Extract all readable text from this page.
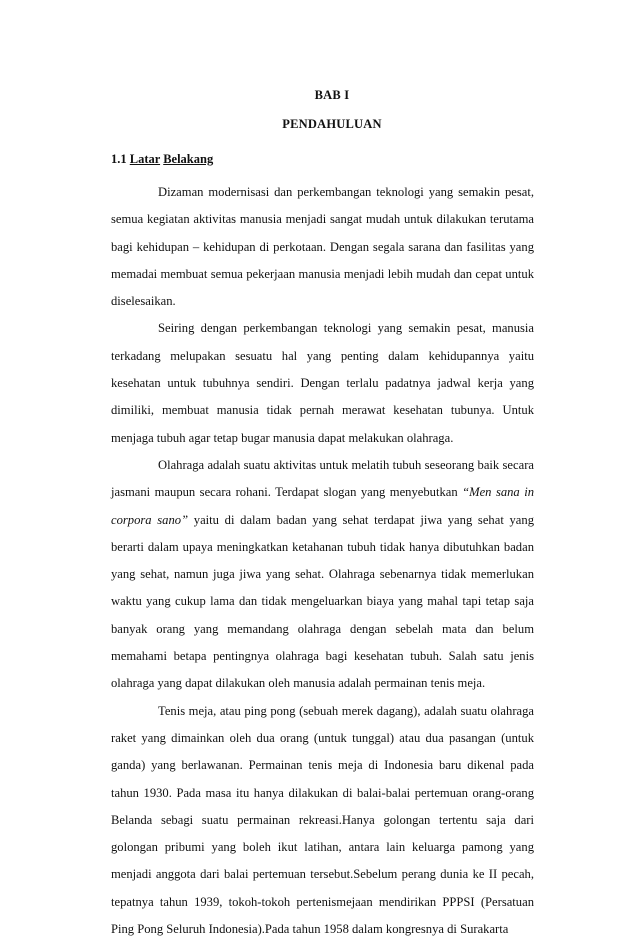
BAB I
PENDAHULUAN
1.1 Latar Belakang

Dizaman modernisasi dan perkembangan teknologi yang semakin pesat, semua kegiatan aktivitas manusia menjadi sangat mudah untuk dilakukan terutama bagi kehidupan – kehidupan di perkotaan. Dengan segala sarana dan fasilitas yang memadai membuat semua pekerjaan manusia menjadi lebih mudah dan cepat untuk diselesaikan.

Seiring dengan perkembangan teknologi yang semakin pesat, manusia terkadang melupakan sesuatu hal yang penting dalam kehidupannya yaitu kesehatan untuk tubuhnya sendiri. Dengan terlalu padatnya jadwal kerja yang dimiliki, membuat manusia tidak pernah merawat kesehatan tubunya. Untuk menjaga tubuh agar tetap bugar manusia dapat melakukan olahraga.

Olahraga adalah suatu aktivitas untuk melatih tubuh seseorang baik secara jasmani maupun secara rohani. Terdapat slogan yang menyebutkan “Men sana in corpora sano” yaitu di dalam badan yang sehat terdapat jiwa yang sehat yang berarti dalam upaya meningkatkan ketahanan tubuh tidak hanya dibutuhkan badan yang sehat, namun juga jiwa yang sehat. Olahraga sebenarnya tidak memerlukan waktu yang cukup lama dan tidak mengeluarkan biaya yang mahal tapi tetap saja banyak orang yang memandang olahraga dengan sebelah mata dan belum memahami betapa pentingnya olahraga bagi kesehatan tubuh. Salah satu jenis olahraga yang dapat dilakukan oleh manusia adalah permainan tenis meja.

Tenis meja, atau ping pong (sebuah merek dagang), adalah suatu olahraga raket yang dimainkan oleh dua orang (untuk tunggal) atau dua pasangan (untuk ganda) yang berlawanan. Permainan tenis meja di Indonesia baru dikenal pada tahun 1930. Pada masa itu hanya dilakukan di balai-balai pertemuan orang-orang Belanda sebagi suatu permainan rekreasi.Hanya golongan tertentu saja dari golongan pribumi yang boleh ikut latihan, antara lain keluarga pamong yang menjadi anggota dari balai pertemuan tersebut.Sebelum perang dunia ke II pecah, tepatnya tahun 1939, tokoh-tokoh pertenismejaan mendirikan PPPSI (Persatuan Ping Pong Seluruh Indonesia).Pada tahun 1958 dalam kongresnya di Surakarta
